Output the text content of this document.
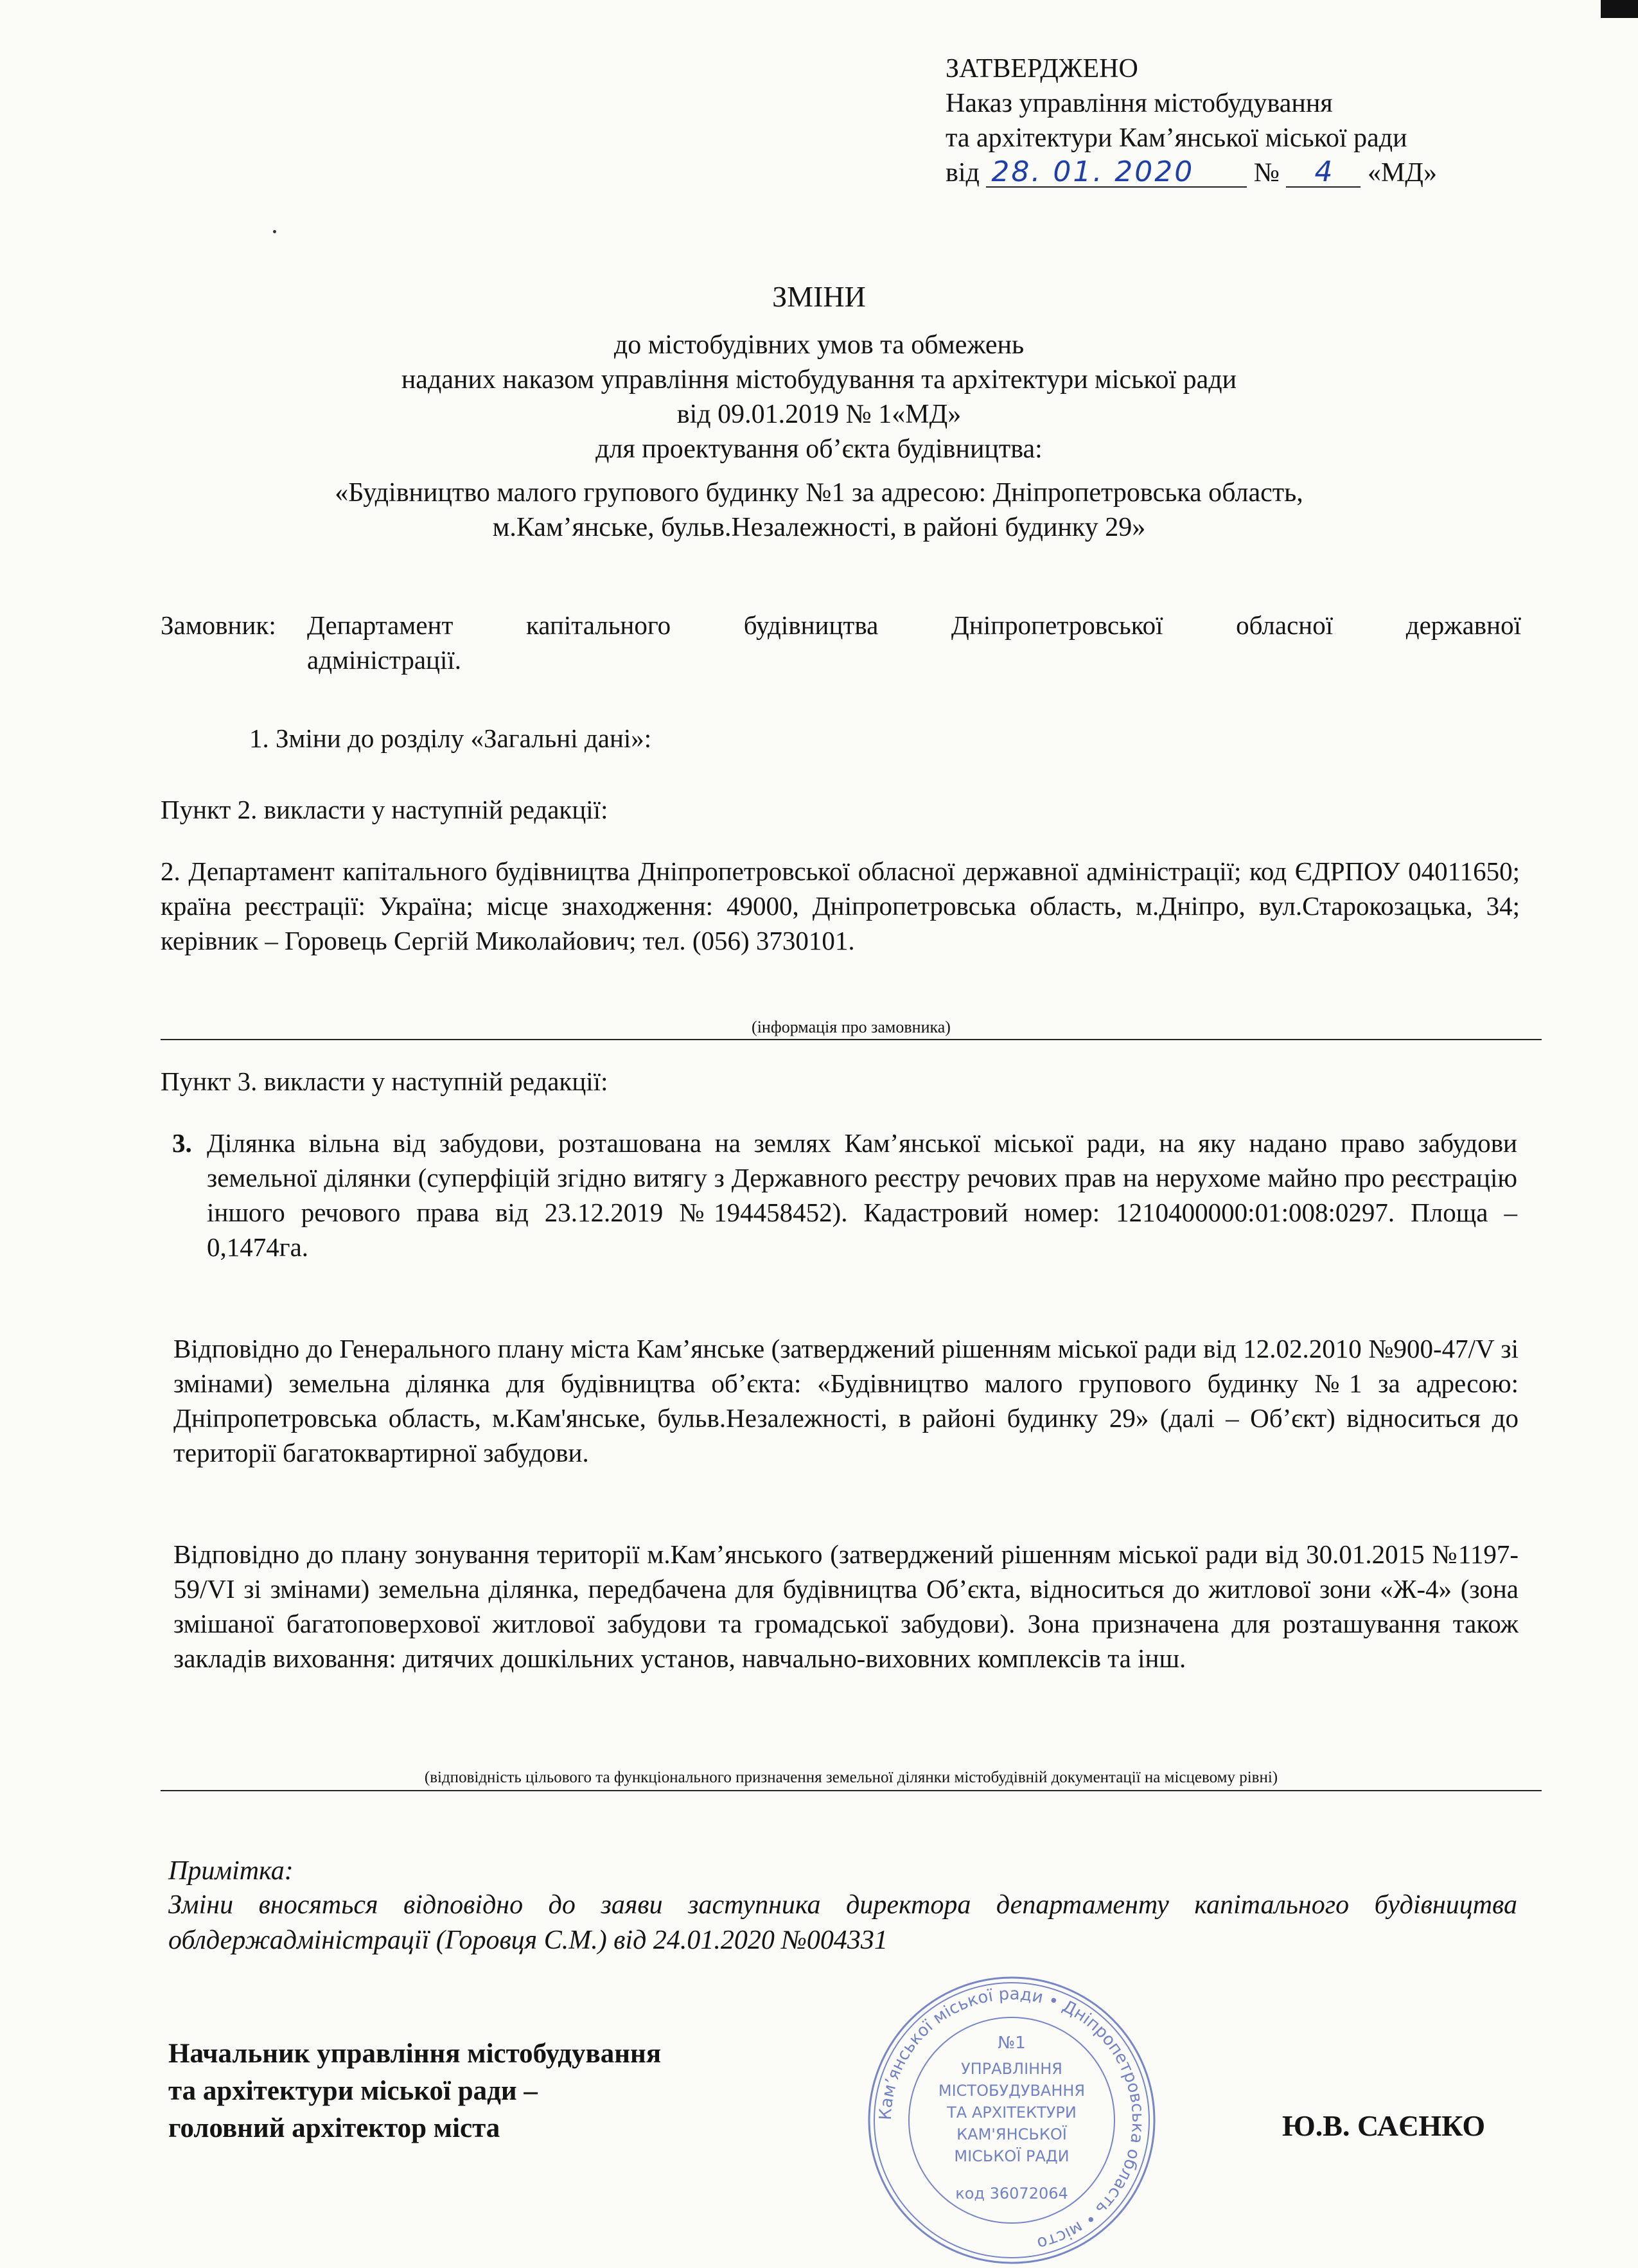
ЗАТВЕРДЖЕНО
Наказ управління містобудування
та архітектури Кам’янської міської ради
від 28. 01. 2020 № 4 «МД»
ЗМІНИ
до містобудівних умов та обмежень
наданих наказом управління містобудування та архітектури міської ради
від 09.01.2019 № 1«МД»
для проектування об’єкта будівництва:
«Будівництво малого групового будинку №1 за адресою: Дніпропетровська область,
м.Кам’янське, бульв.Незалежності, в районі будинку 29»
Замовник: Департамент капітального будівництва Дніпропетровської обласної державної
адміністрації.

1. Зміни до розділу «Загальні дані»:
Пункт 2. викласти у наступній редакції:

2. Департамент капітального будівництва Дніпропетровської обласної державної адміністрації; код ЄДРПОУ 04011650; країна реєстрації: Україна; місце знаходження: 49000, Дніпропетровська область, м.Дніпро, вул.Старокозацька, 34; керівник – Горовець Сергій Миколайович; тел. (056) 3730101.

(інформація про замовника)
Пункт 3. викласти у наступній редакції:
3. Ділянка вільна від забудови, розташована на землях Кам’янської міської ради, на яку надано право забудови земельної ділянки (суперфіцій згідно витягу з Державного реєстру речових прав на нерухоме майно про реєстрацію іншого речового права від 23.12.2019 №194458452). Кадастровий номер: 1210400000:01:008:0297. Площа – 0,1474га.

Відповідно до Генерального плану міста Кам’янське (затверджений рішенням міської ради від 12.02.2010 №900-47/V зі змінами) земельна ділянка для будівництва об’єкта: «Будівництво малого групового будинку №1 за адресою: Дніпропетровська область, м.Кам'янське, бульв.Незалежності, в районі будинку 29» (далі – Об’єкт) відноситься до території багатоквартирної забудови.

Відповідно до плану зонування території м.Кам’янського (затверджений рішенням міської ради від 30.01.2015 №1197-59/VI зі змінами) земельна ділянка, передбачена для будівництва Об’єкта, відноситься до житлової зони «Ж-4» (зона змішаної багатоповерхової житлової забудови та громадської забудови). Зона призначена для розташування також закладів виховання: дитячих дошкільних установ, навчально-виховних комплексів та інш.

(відповідність цільового та функціонального призначення земельної ділянки містобудівній документації на місцевому рівні)
Примітка:

Зміни вносяться відповідно до заяви заступника директора департаменту капітального будівництва облдержадміністрації (Горовця С.М.) від 24.01.2020 №004331

Начальник управління містобудування
та архітектури міської ради –
головний архітектор міста	Ю.В. САЄНКО
Кам’янської міської ради • Дніпропетровська область • місто
№1
УПРАВЛІННЯ
МІСТОБУДУВАННЯ
ТА АРХІТЕКТУРИ
КАМ'ЯНСЬКОЇ
МІСЬКОЇ РАДИ
код 36072064
